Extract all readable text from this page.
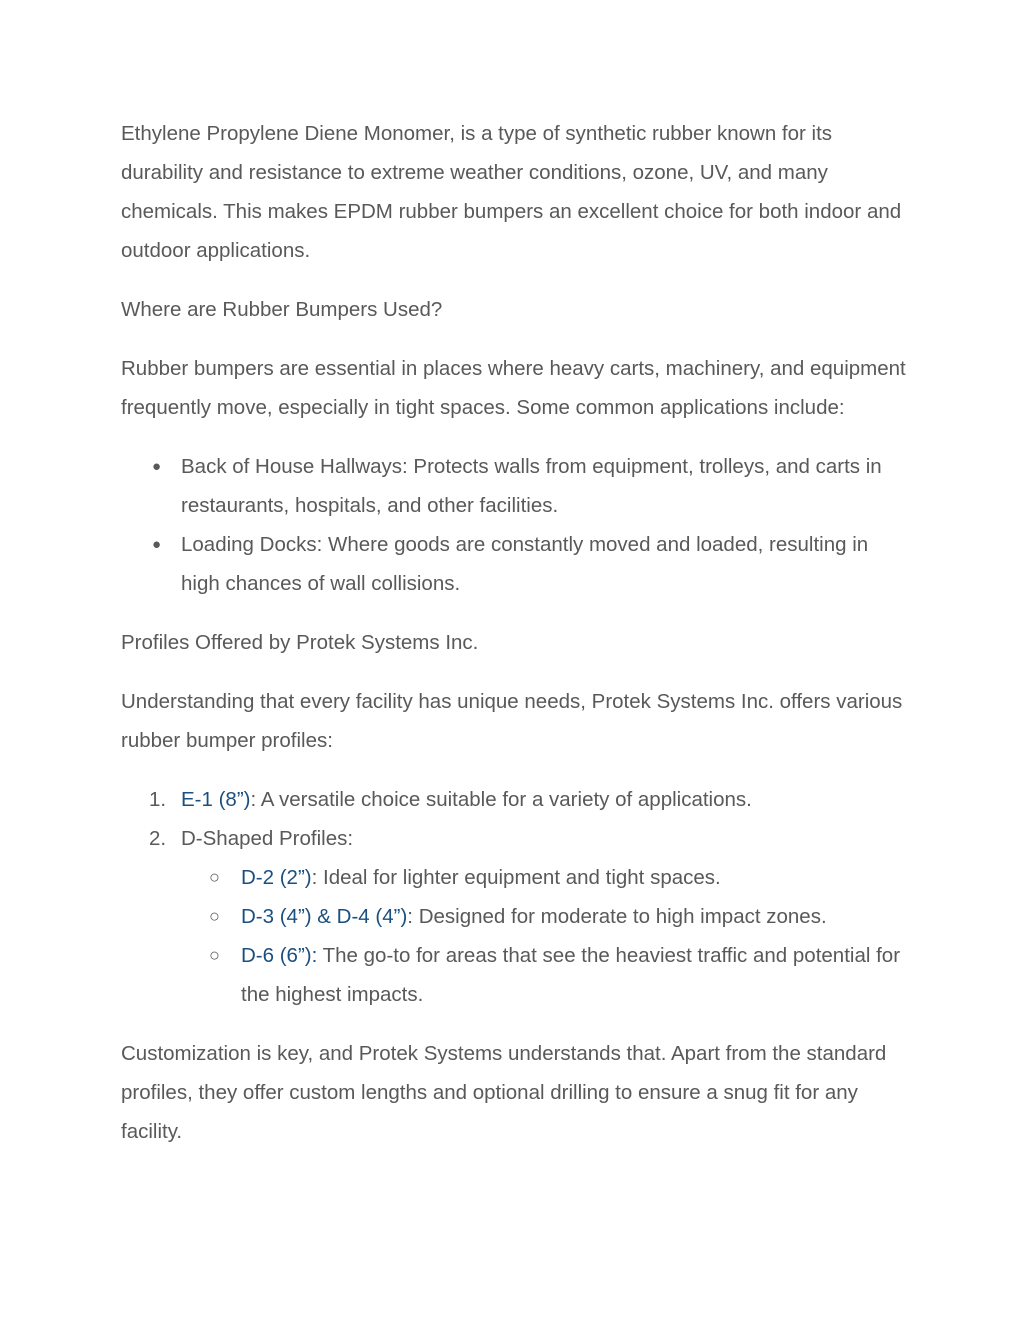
Ethylene Propylene Diene Monomer, is a type of synthetic rubber known for its durability and resistance to extreme weather conditions, ozone, UV, and many chemicals. This makes EPDM rubber bumpers an excellent choice for both indoor and outdoor applications.

Where are Rubber Bumpers Used?

Rubber bumpers are essential in places where heavy carts, machinery, and equipment frequently move, especially in tight spaces. Some common applications include:

● Back of House Hallways: Protects walls from equipment, trolleys, and carts in restaurants, hospitals, and other facilities.
● Loading Docks: Where goods are constantly moved and loaded, resulting in high chances of wall collisions.

Profiles Offered by Protek Systems Inc.

Understanding that every facility has unique needs, Protek Systems Inc. offers various rubber bumper profiles:

1. E-1 (8”): A versatile choice suitable for a variety of applications.
2. D-Shaped Profiles:
○ D-2 (2”): Ideal for lighter equipment and tight spaces.
○ D-3 (4”) & D-4 (4”): Designed for moderate to high impact zones.
○ D-6 (6”): The go-to for areas that see the heaviest traffic and potential for the highest impacts.

Customization is key, and Protek Systems understands that. Apart from the standard profiles, they offer custom lengths and optional drilling to ensure a snug fit for any facility.
